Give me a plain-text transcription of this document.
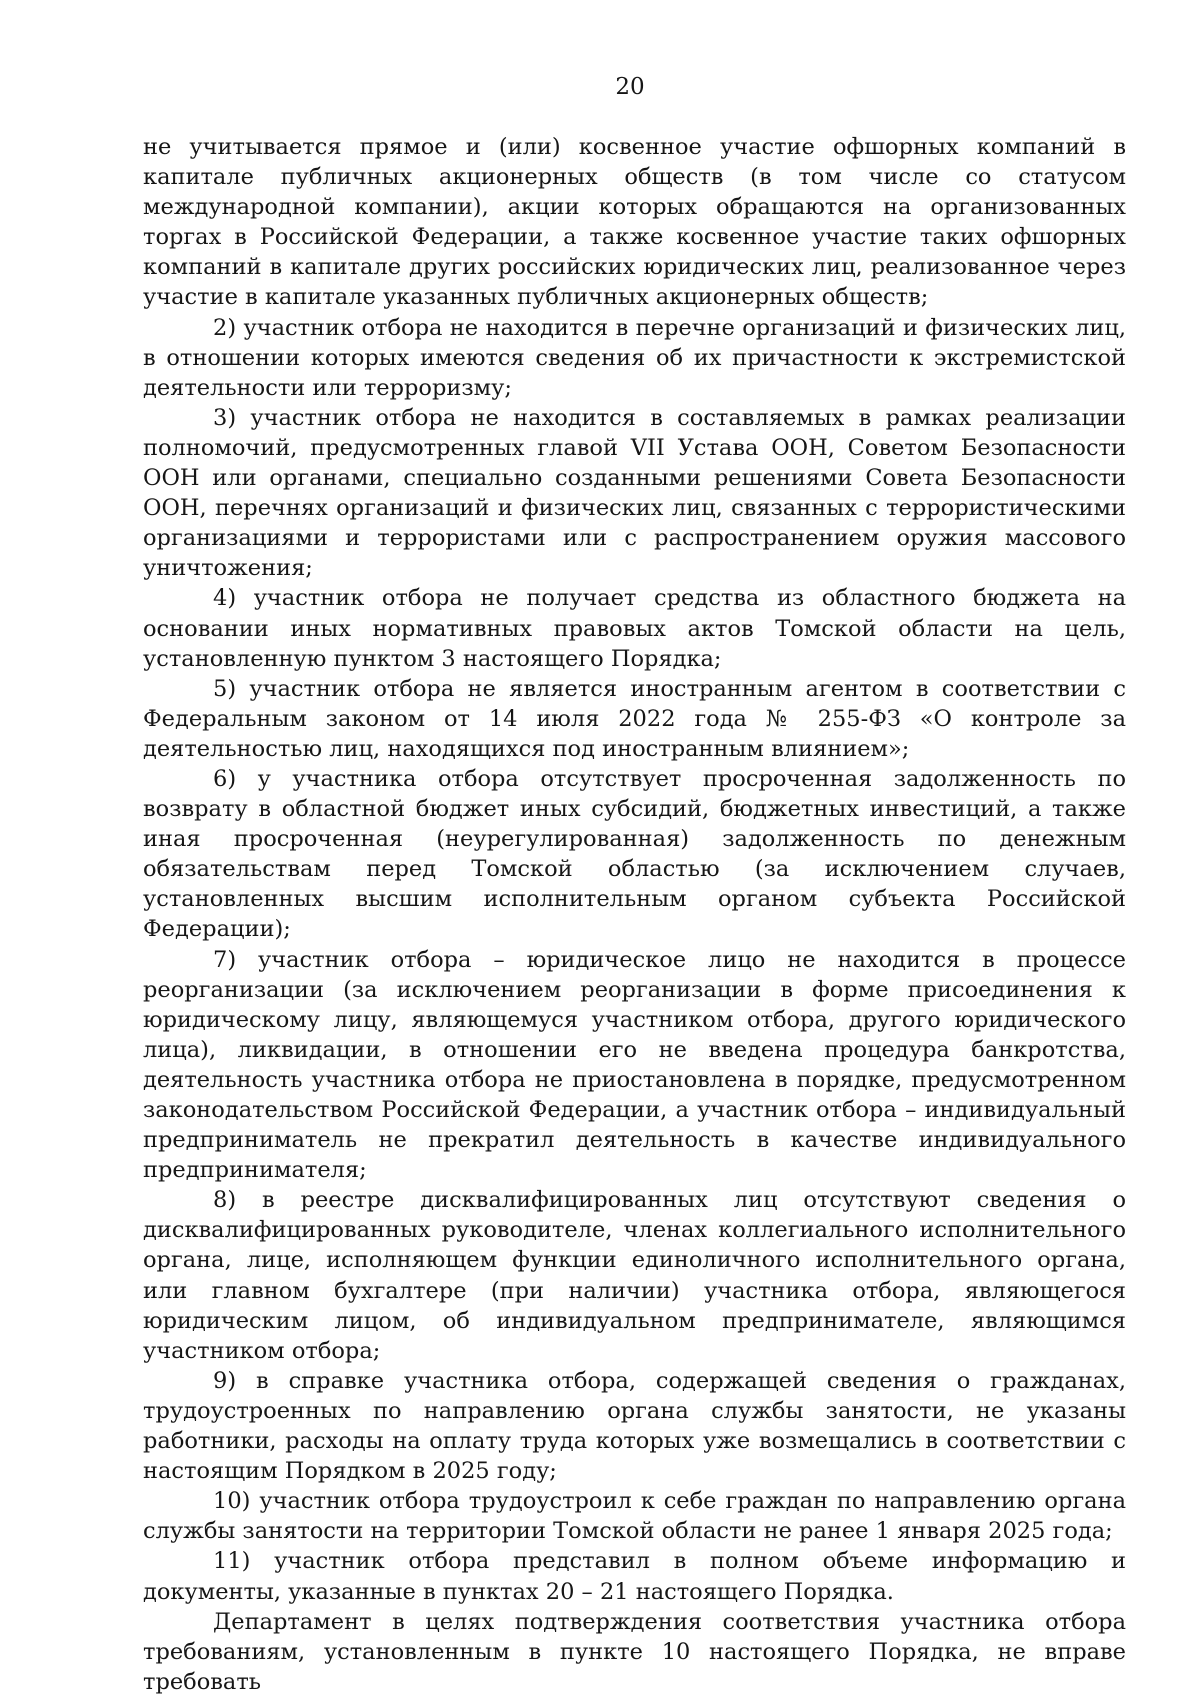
20

не учитывается прямое и (или) косвенное участие офшорных компаний в капитале публичных акционерных обществ (в том числе со статусом международной компании), акции которых обращаются на организованных торгах в Российской Федерации, а также косвенное участие таких офшорных компаний в капитале других российских юридических лиц, реализованное через участие в капитале указанных публичных акционерных обществ;

2) участник отбора не находится в перечне организаций и физических лиц, в отношении которых имеются сведения об их причастности к экстремистской деятельности или терроризму;

3) участник отбора не находится в составляемых в рамках реализации полномочий, предусмотренных главой VII Устава ООН, Советом Безопасности ООН или органами, специально созданными решениями Совета Безопасности ООН, перечнях организаций и физических лиц, связанных с террористическими организациями и террористами или с распространением оружия массового уничтожения;

4) участник отбора не получает средства из областного бюджета на основании иных нормативных правовых актов Томской области на цель, установленную пунктом 3 настоящего Порядка;

5) участник отбора не является иностранным агентом в соответствии с Федеральным законом от 14 июля 2022 года № 255-ФЗ «О контроле за деятельностью лиц, находящихся под иностранным влиянием»;

6) у участника отбора отсутствует просроченная задолженность по возврату в областной бюджет иных субсидий, бюджетных инвестиций, а также иная просроченная (неурегулированная) задолженность по денежным обязательствам перед Томской областью (за исключением случаев, установленных высшим исполнительным органом субъекта Российской Федерации);

7) участник отбора – юридическое лицо не находится в процессе реорганизации (за исключением реорганизации в форме присоединения к юридическому лицу, являющемуся участником отбора, другого юридического лица), ликвидации, в отношении его не введена процедура банкротства, деятельность участника отбора не приостановлена в порядке, предусмотренном законодательством Российской Федерации, а участник отбора – индивидуальный предприниматель не прекратил деятельность в качестве индивидуального предпринимателя;

8) в реестре дисквалифицированных лиц отсутствуют сведения о дисквалифицированных руководителе, членах коллегиального исполнительного органа, лице, исполняющем функции единоличного исполнительного органа, или главном бухгалтере (при наличии) участника отбора, являющегося юридическим лицом, об индивидуальном предпринимателе, являющимся участником отбора;

9) в справке участника отбора, содержащей сведения о гражданах, трудоустроенных по направлению органа службы занятости, не указаны работники, расходы на оплату труда которых уже возмещались в соответствии с настоящим Порядком в 2025 году;

10) участник отбора трудоустроил к себе граждан по направлению органа службы занятости на территории Томской области не ранее 1 января 2025 года;

11) участник отбора представил в полном объеме информацию и документы, указанные в пунктах 20 – 21 настоящего Порядка.

Департамент в целях подтверждения соответствия участника отбора требованиям, установленным в пункте 10 настоящего Порядка, не вправе требовать
